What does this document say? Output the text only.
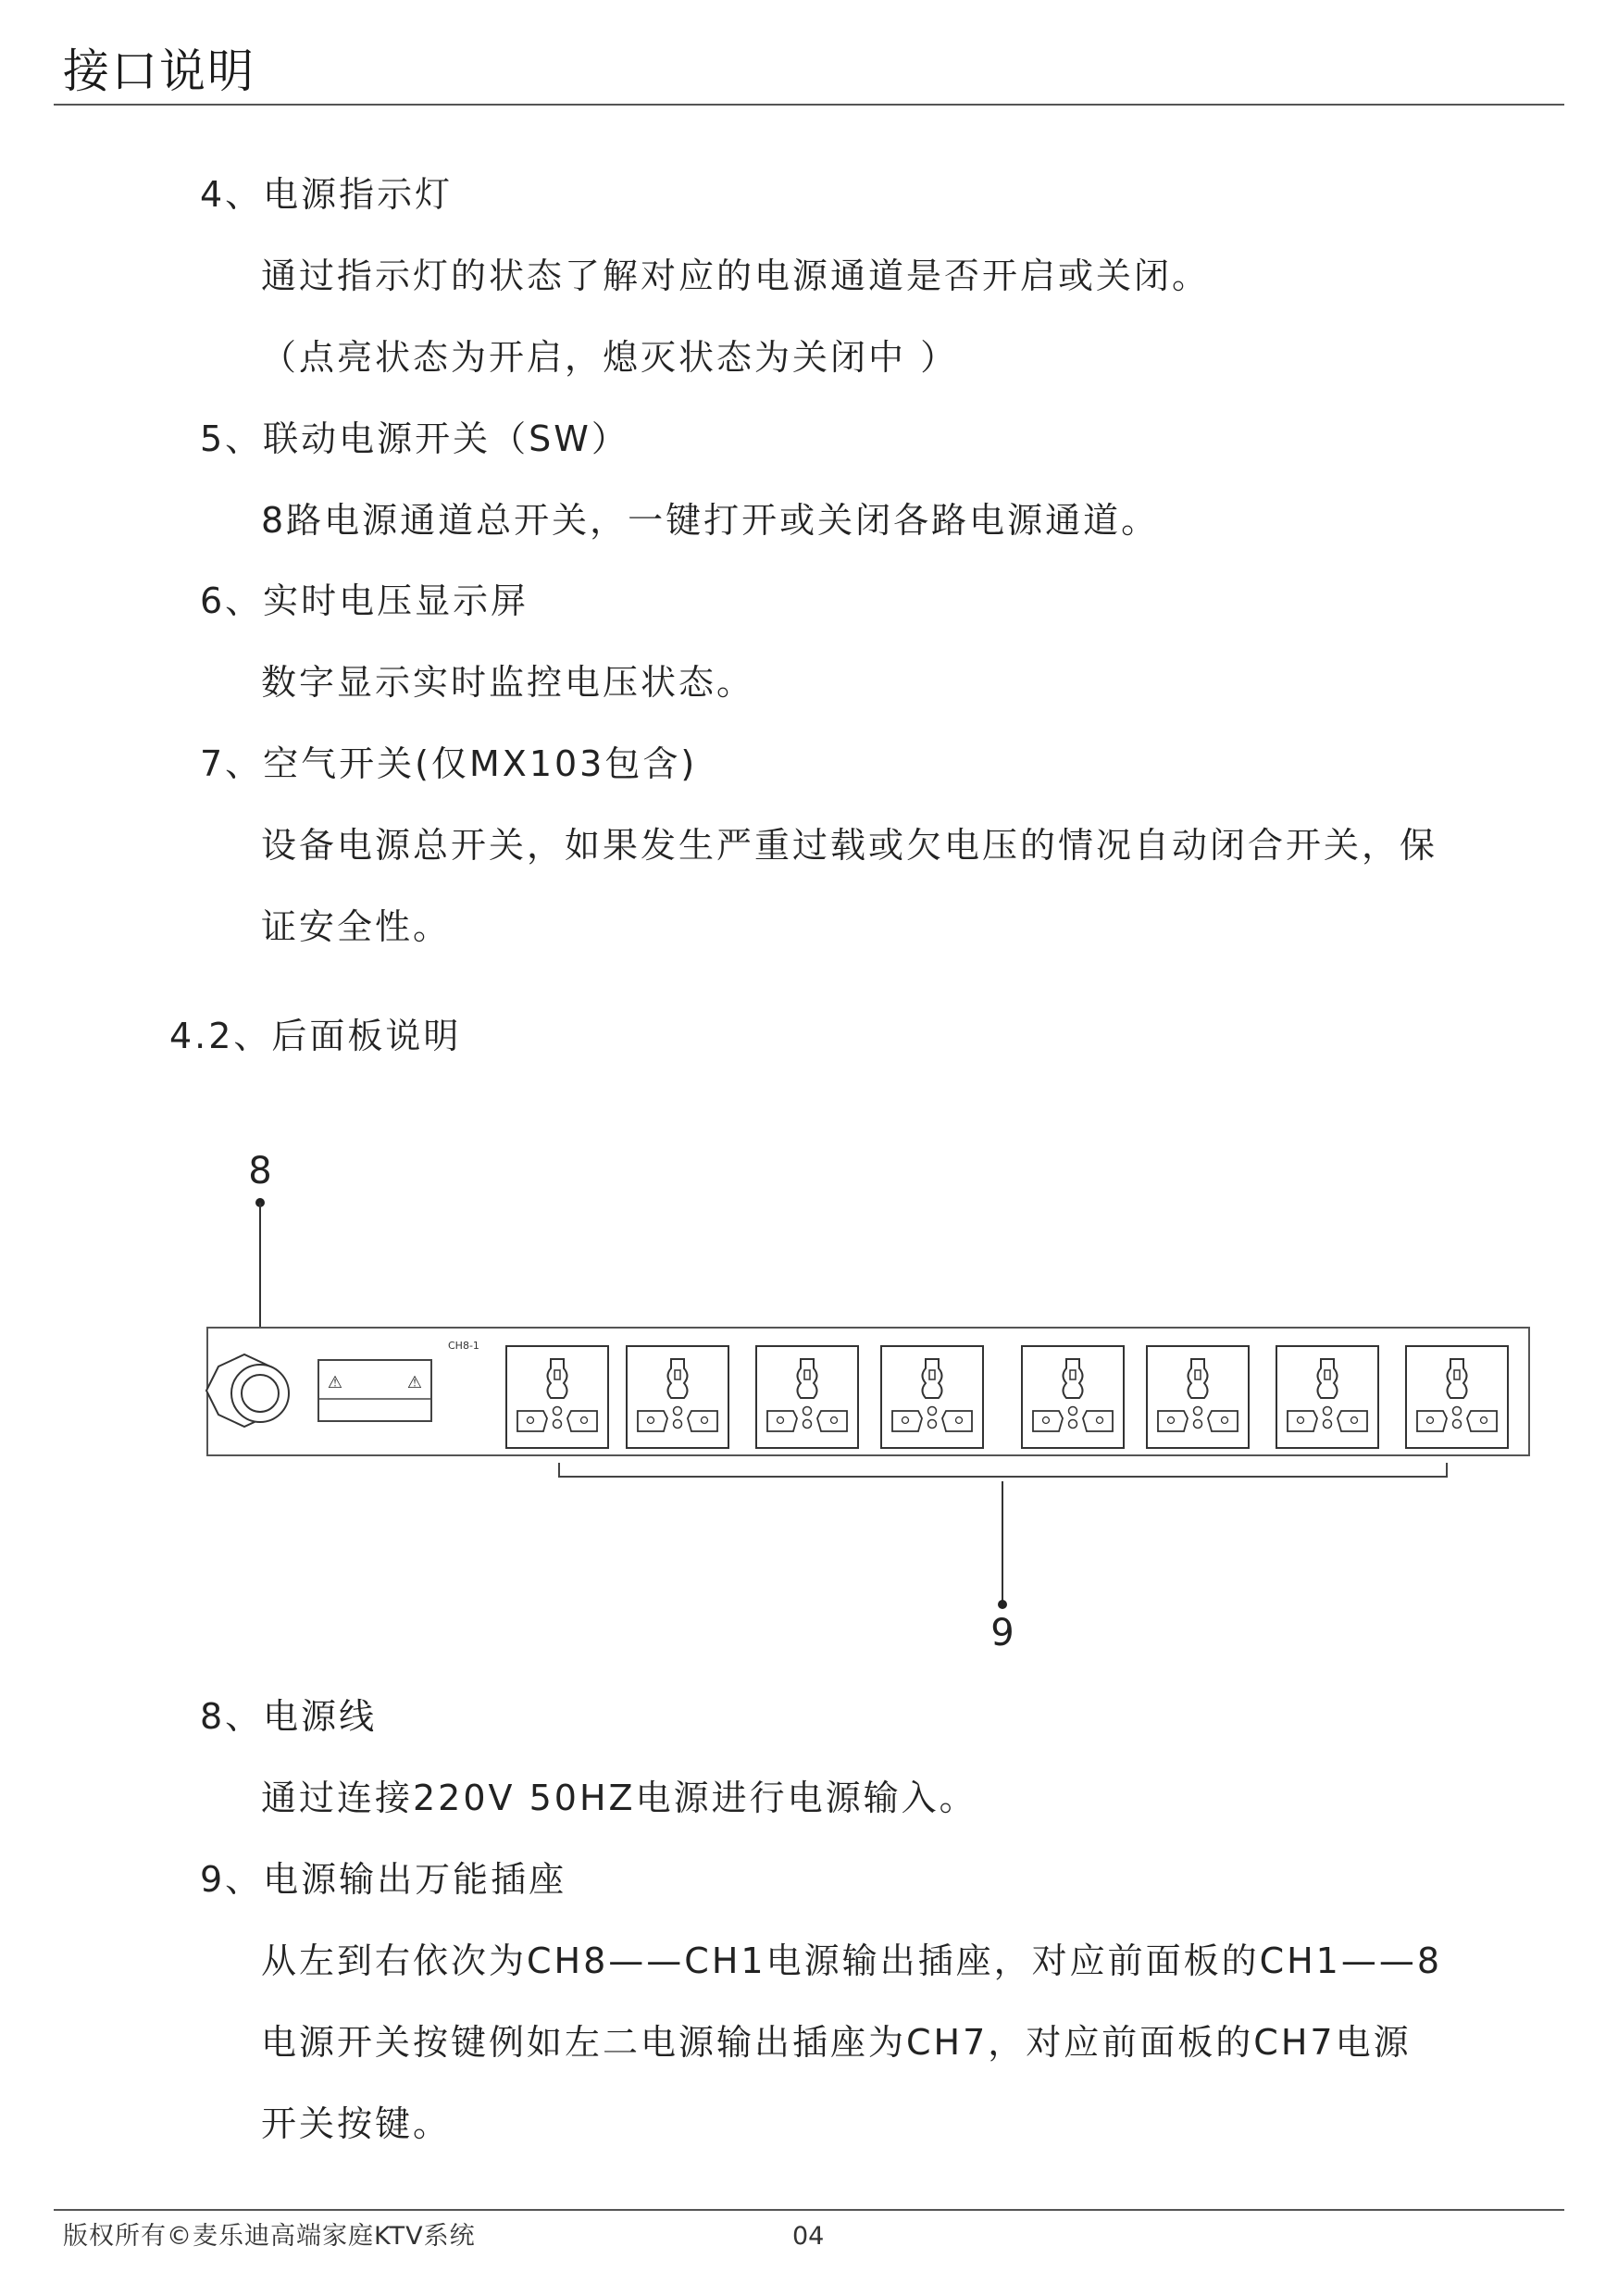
接口说明
4、电源指示灯
通过指示灯的状态了解对应的电源通道是否开启或关闭。
（点亮状态为开启，熄灭状态为关闭中 ）
5、联动电源开关（SW）
8路电源通道总开关，一键打开或关闭各路电源通道。
6、实时电压显示屏
数字显示实时监控电压状态。
7、空气开关(仅MX103包含)
设备电源总开关，如果发生严重过载或欠电压的情况自动闭合开关，保
证安全性。
4.2、后面板说明
8
⚠	⚠
CH8-1
9
8、电源线
通过连接220V 50HZ电源进行电源输入。
9、电源输出万能插座
从左到右依次为CH8——CH1电源输出插座，对应前面板的CH1——8
电源开关按键例如左二电源输出插座为CH7，对应前面板的CH7电源
开关按键。
版权所有©麦乐迪高端家庭KTV系统	04
